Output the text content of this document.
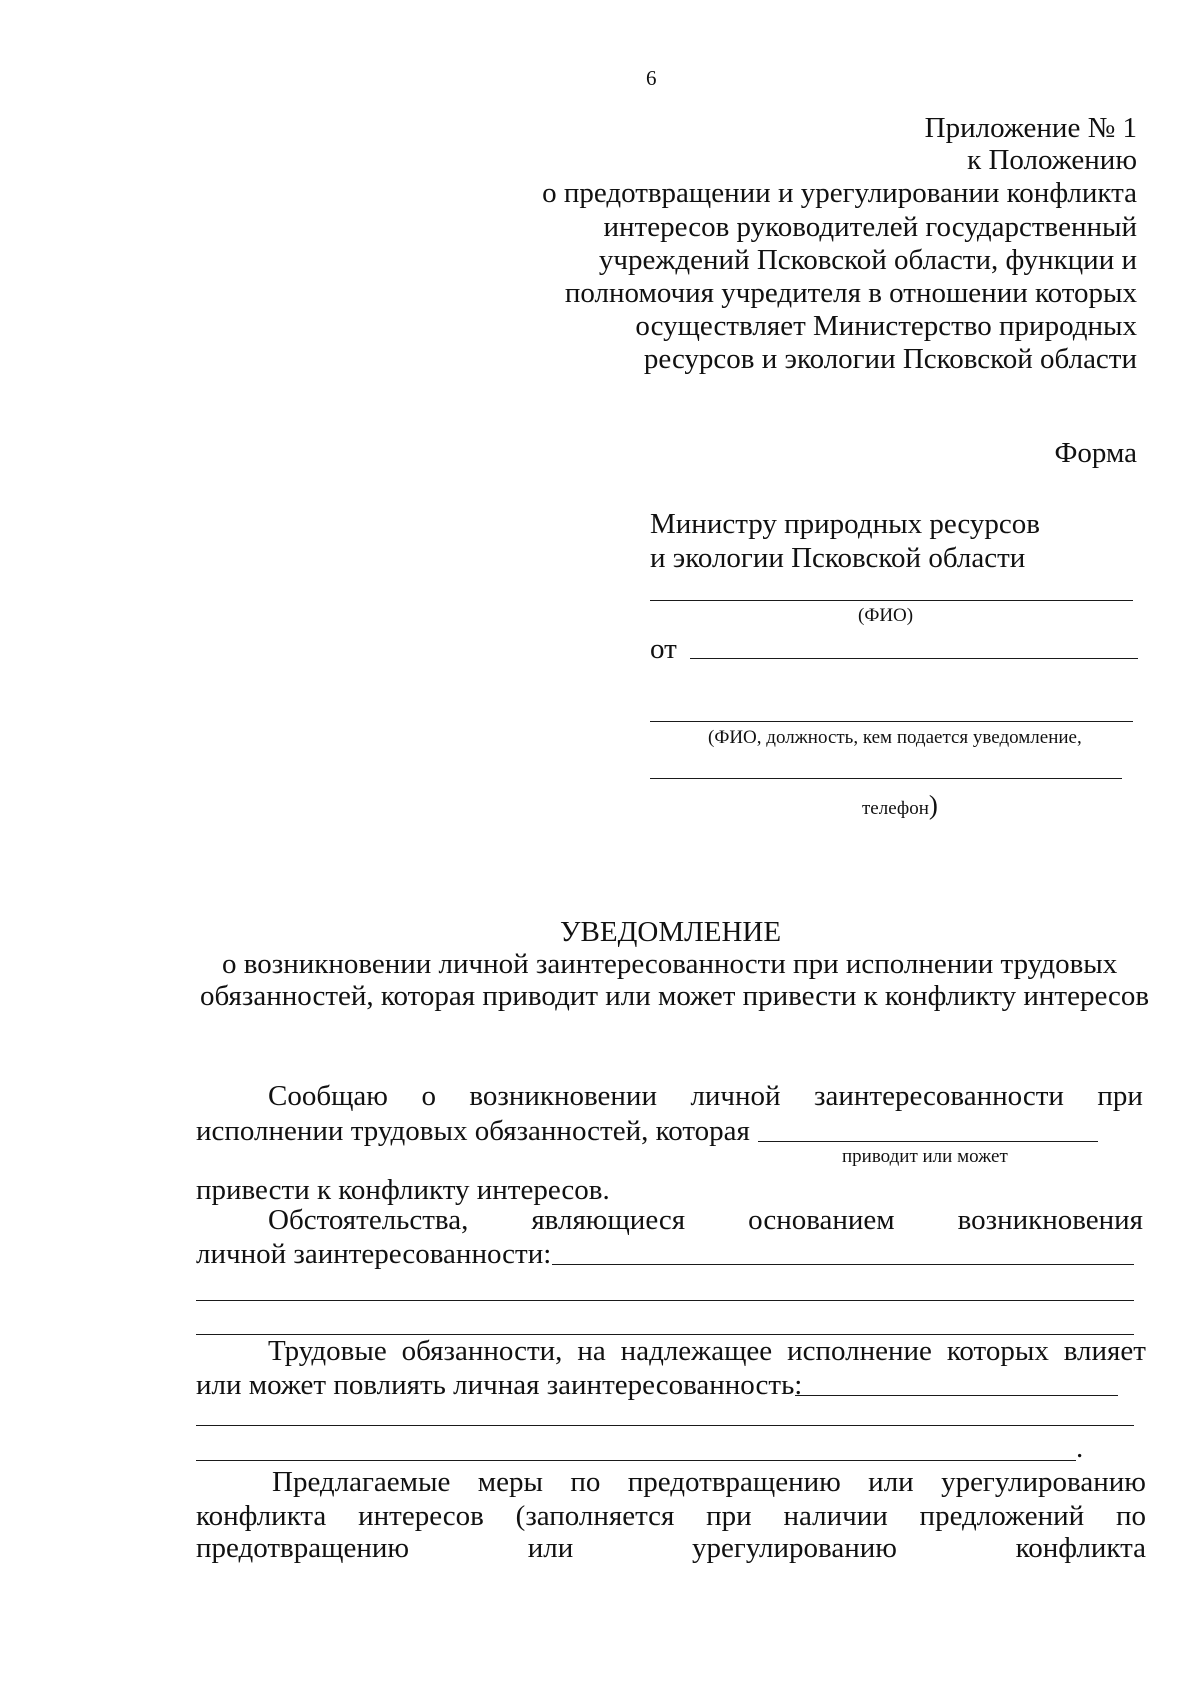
6
Приложение № 1
к Положению
о предотвращении и урегулировании конфликта
интересов руководителей государственный
учреждений Псковской области, функции и
полномочия учредителя в отношении которых
осуществляет Министерство природных
ресурсов и экологии Псковской области
Форма
Министру природных ресурсов
и экологии Псковской области
(ФИО)
от
(ФИО, должность, кем подается уведомление,
телефон)
УВЕДОМЛЕНИЕ
о возникновении личной заинтересованности при исполнении трудовых
обязанностей, которая приводит или может привести к конфликту интересов
Сообщаю о возникновении личной заинтересованности при
исполнении трудовых обязанностей, которая
приводит или может
привести к конфликту интересов.
Обстоятельства, являющиеся основанием возникновения
личной заинтересованности:
Трудовые обязанности, на надлежащее исполнение которых влияет
или может повлиять личная заинтересованность:
.
Предлагаемые меры по предотвращению или урегулированию
конфликта интересов (заполняется при наличии предложений по
предотвращению	или	урегулированию	конфликта
